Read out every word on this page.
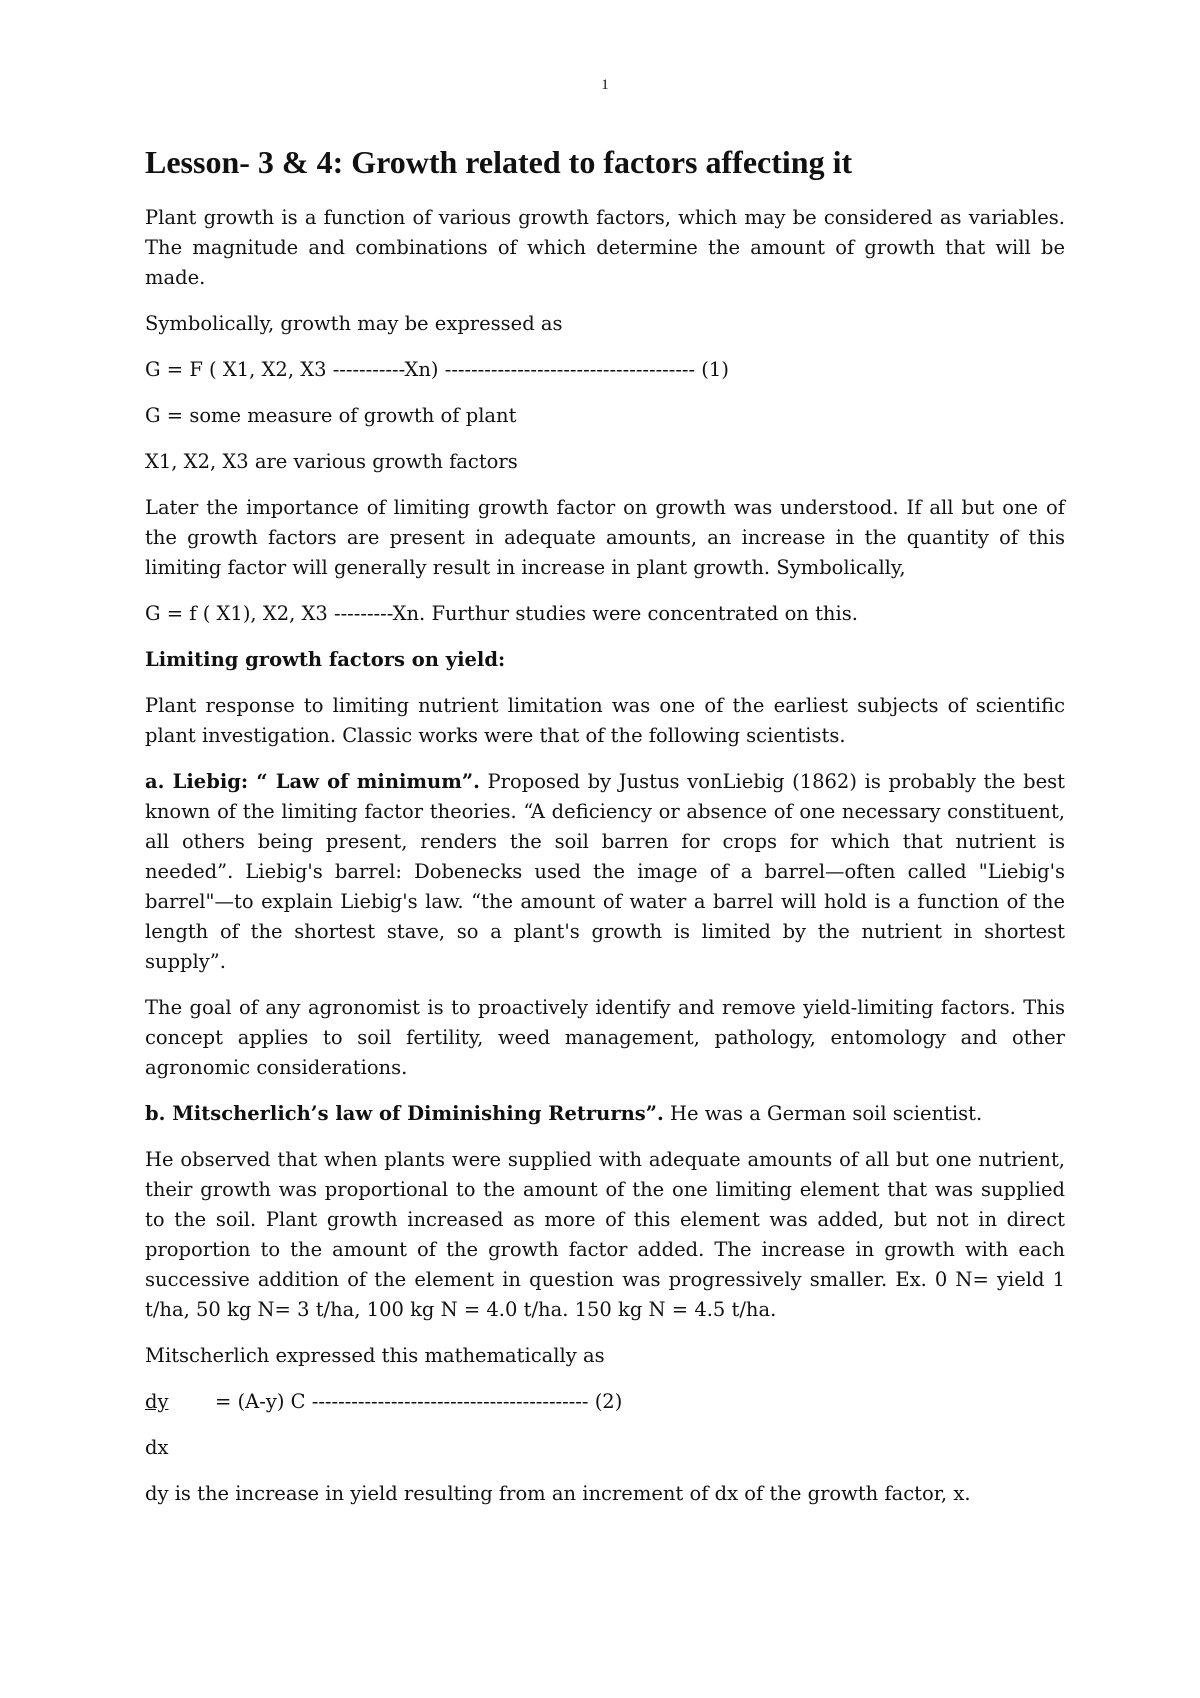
1
Lesson- 3 & 4: Growth related to factors affecting it

Plant growth is a function of various growth factors, which may be considered as variables. The magnitude and combinations of which determine the amount of growth that will be made.

Symbolically, growth may be expressed as

G = F ( X1, X2, X3 -----------Xn) -------------------------------------- (1)

G = some measure of growth of plant

X1, X2, X3 are various growth factors

Later the importance of limiting growth factor on growth was understood. If all but one of the growth factors are present in adequate amounts, an increase in the quantity of this limiting factor will generally result in increase in plant growth. Symbolically,

G = f ( X1), X2, X3 ---------Xn. Furthur studies were concentrated on this.

Limiting growth factors on yield:

Plant response to limiting nutrient limitation was one of the earliest subjects of scientific plant investigation. Classic works were that of the following scientists.

a. Liebig: “ Law of minimum”. Proposed by Justus vonLiebig (1862) is probably the best known of the limiting factor theories. “A deficiency or absence of one necessary constituent, all others being present, renders the soil barren for crops for which that nutrient is needed”. Liebig's barrel: Dobenecks used the image of a barrel—often called "Liebig's barrel"—to explain Liebig's law. “the amount of water a barrel will hold is a function of the length of the shortest stave, so a plant's growth is limited by the nutrient in shortest supply”.

The goal of any agronomist is to proactively identify and remove yield-limiting factors. This concept applies to soil fertility, weed management, pathology, entomology and other agronomic considerations.

b. Mitscherlich’s law of Diminishing Retrurns”. He was a German soil scientist.

He observed that when plants were supplied with adequate amounts of all but one nutrient, their growth was proportional to the amount of the one limiting element that was supplied to the soil. Plant growth increased as more of this element was added, but not in direct proportion to the amount of the growth factor added. The increase in growth with each successive addition of the element in question was progressively smaller. Ex. 0 N= yield 1 t/ha, 50 kg N= 3 t/ha, 100 kg N = 4.0 t/ha. 150 kg N = 4.5 t/ha.

Mitscherlich expressed this mathematically as

dy = (A-y) C ------------------------------------------ (2)

dx

dy is the increase in yield resulting from an increment of dx of the growth factor, x.
